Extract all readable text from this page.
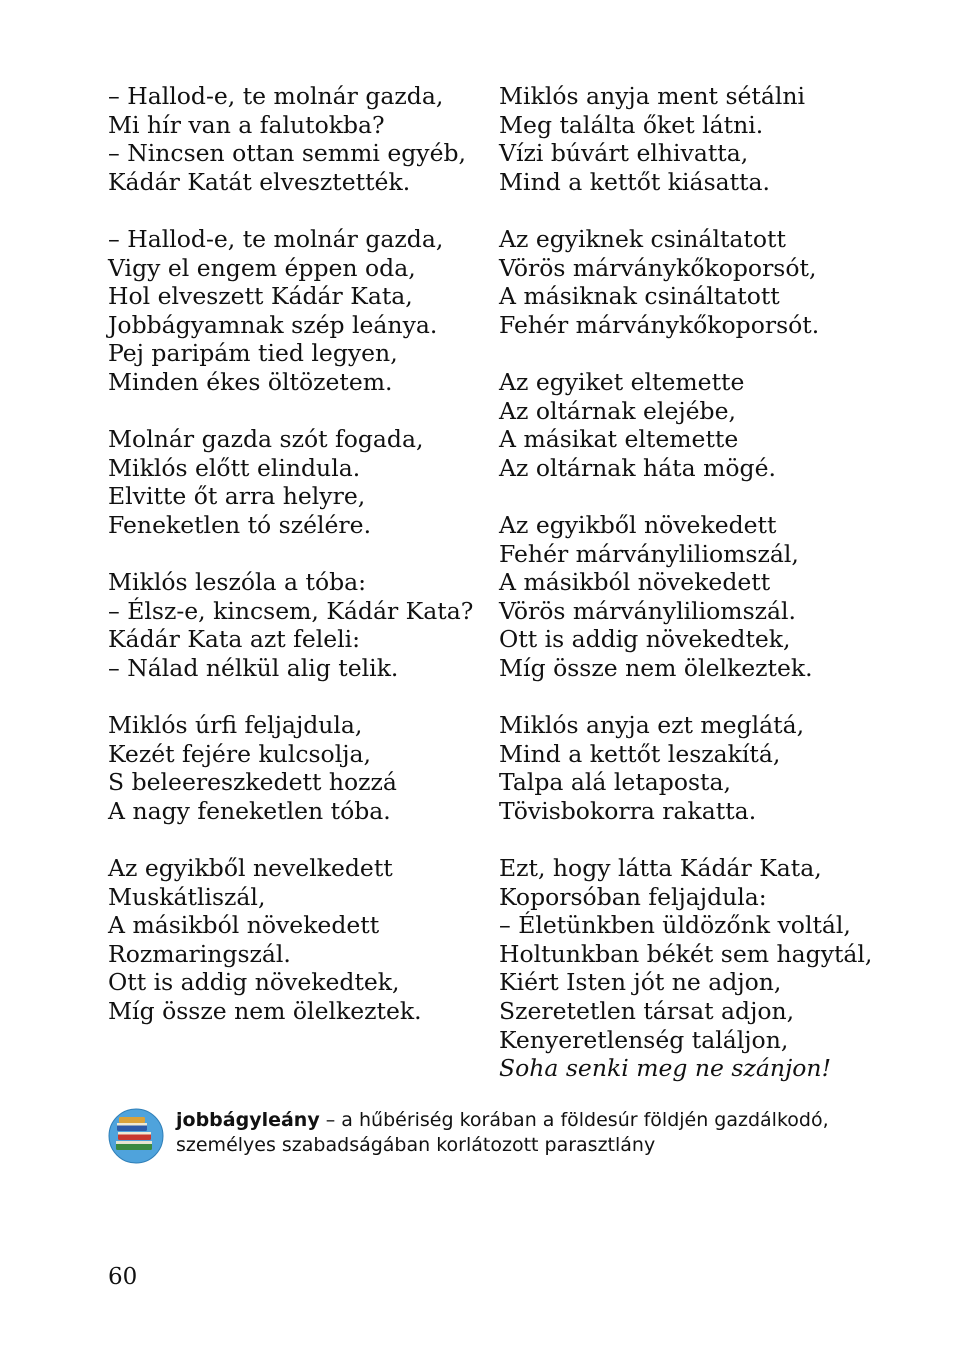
– Hallod-e, te molnár gazda,
Mi hír van a falutokba?
– Nincsen ottan semmi egyéb,
Kádár Katát elvesztették.
– Hallod-e, te molnár gazda,
Vigy el engem éppen oda,
Hol elveszett Kádár Kata,
Jobbágyamnak szép leánya.
Pej paripám tied legyen,
Minden ékes öltözetem.
Molnár gazda szót fogada,
Miklós előtt elindula.
Elvitte őt arra helyre,
Feneketlen tó szélére.
Miklós leszóla a tóba:
– Élsz-e, kincsem, Kádár Kata?
Kádár Kata azt feleli:
– Nálad nélkül alig telik.
Miklós úrfi feljajdula,
Kezét fejére kulcsolja,
S beleereszkedett hozzá
A nagy feneketlen tóba.
Az egyikből nevelkedett
Muskátliszál,
A másikból növekedett
Rozmaringszál.
Ott is addig növekedtek,
Míg össze nem ölelkeztek.
Miklós anyja ment sétálni
Meg találta őket látni.
Vízi búvárt elhivatta,
Mind a kettőt kiásatta.
Az egyiknek csináltatott
Vörös márványkőkoporsót,
A másiknak csináltatott
Fehér márványkőkoporsót.
Az egyiket eltemette
Az oltárnak elejébe,
A másikat eltemette
Az oltárnak háta mögé.
Az egyikből növekedett
Fehér márványliliomszál,
A másikból növekedett
Vörös márványliliomszál.
Ott is addig növekedtek,
Míg össze nem ölelkeztek.
Miklós anyja ezt meglátá,
Mind a kettőt leszakítá,
Talpa alá letaposta,
Tövisbokorra rakatta.
Ezt, hogy látta Kádár Kata,
Koporsóban feljajdula:
– Életünkben üldözőnk voltál,
Holtunkban békét sem hagytál,
Kiért Isten jót ne adjon,
Szeretetlen társat adjon,
Kenyeretlenség találjon,
Soha senki meg ne szánjon!
jobbágyleány – a hűbériség korában a földesúr földjén gazdálkodó,
személyes szabadságában korlátozott parasztlány
60
